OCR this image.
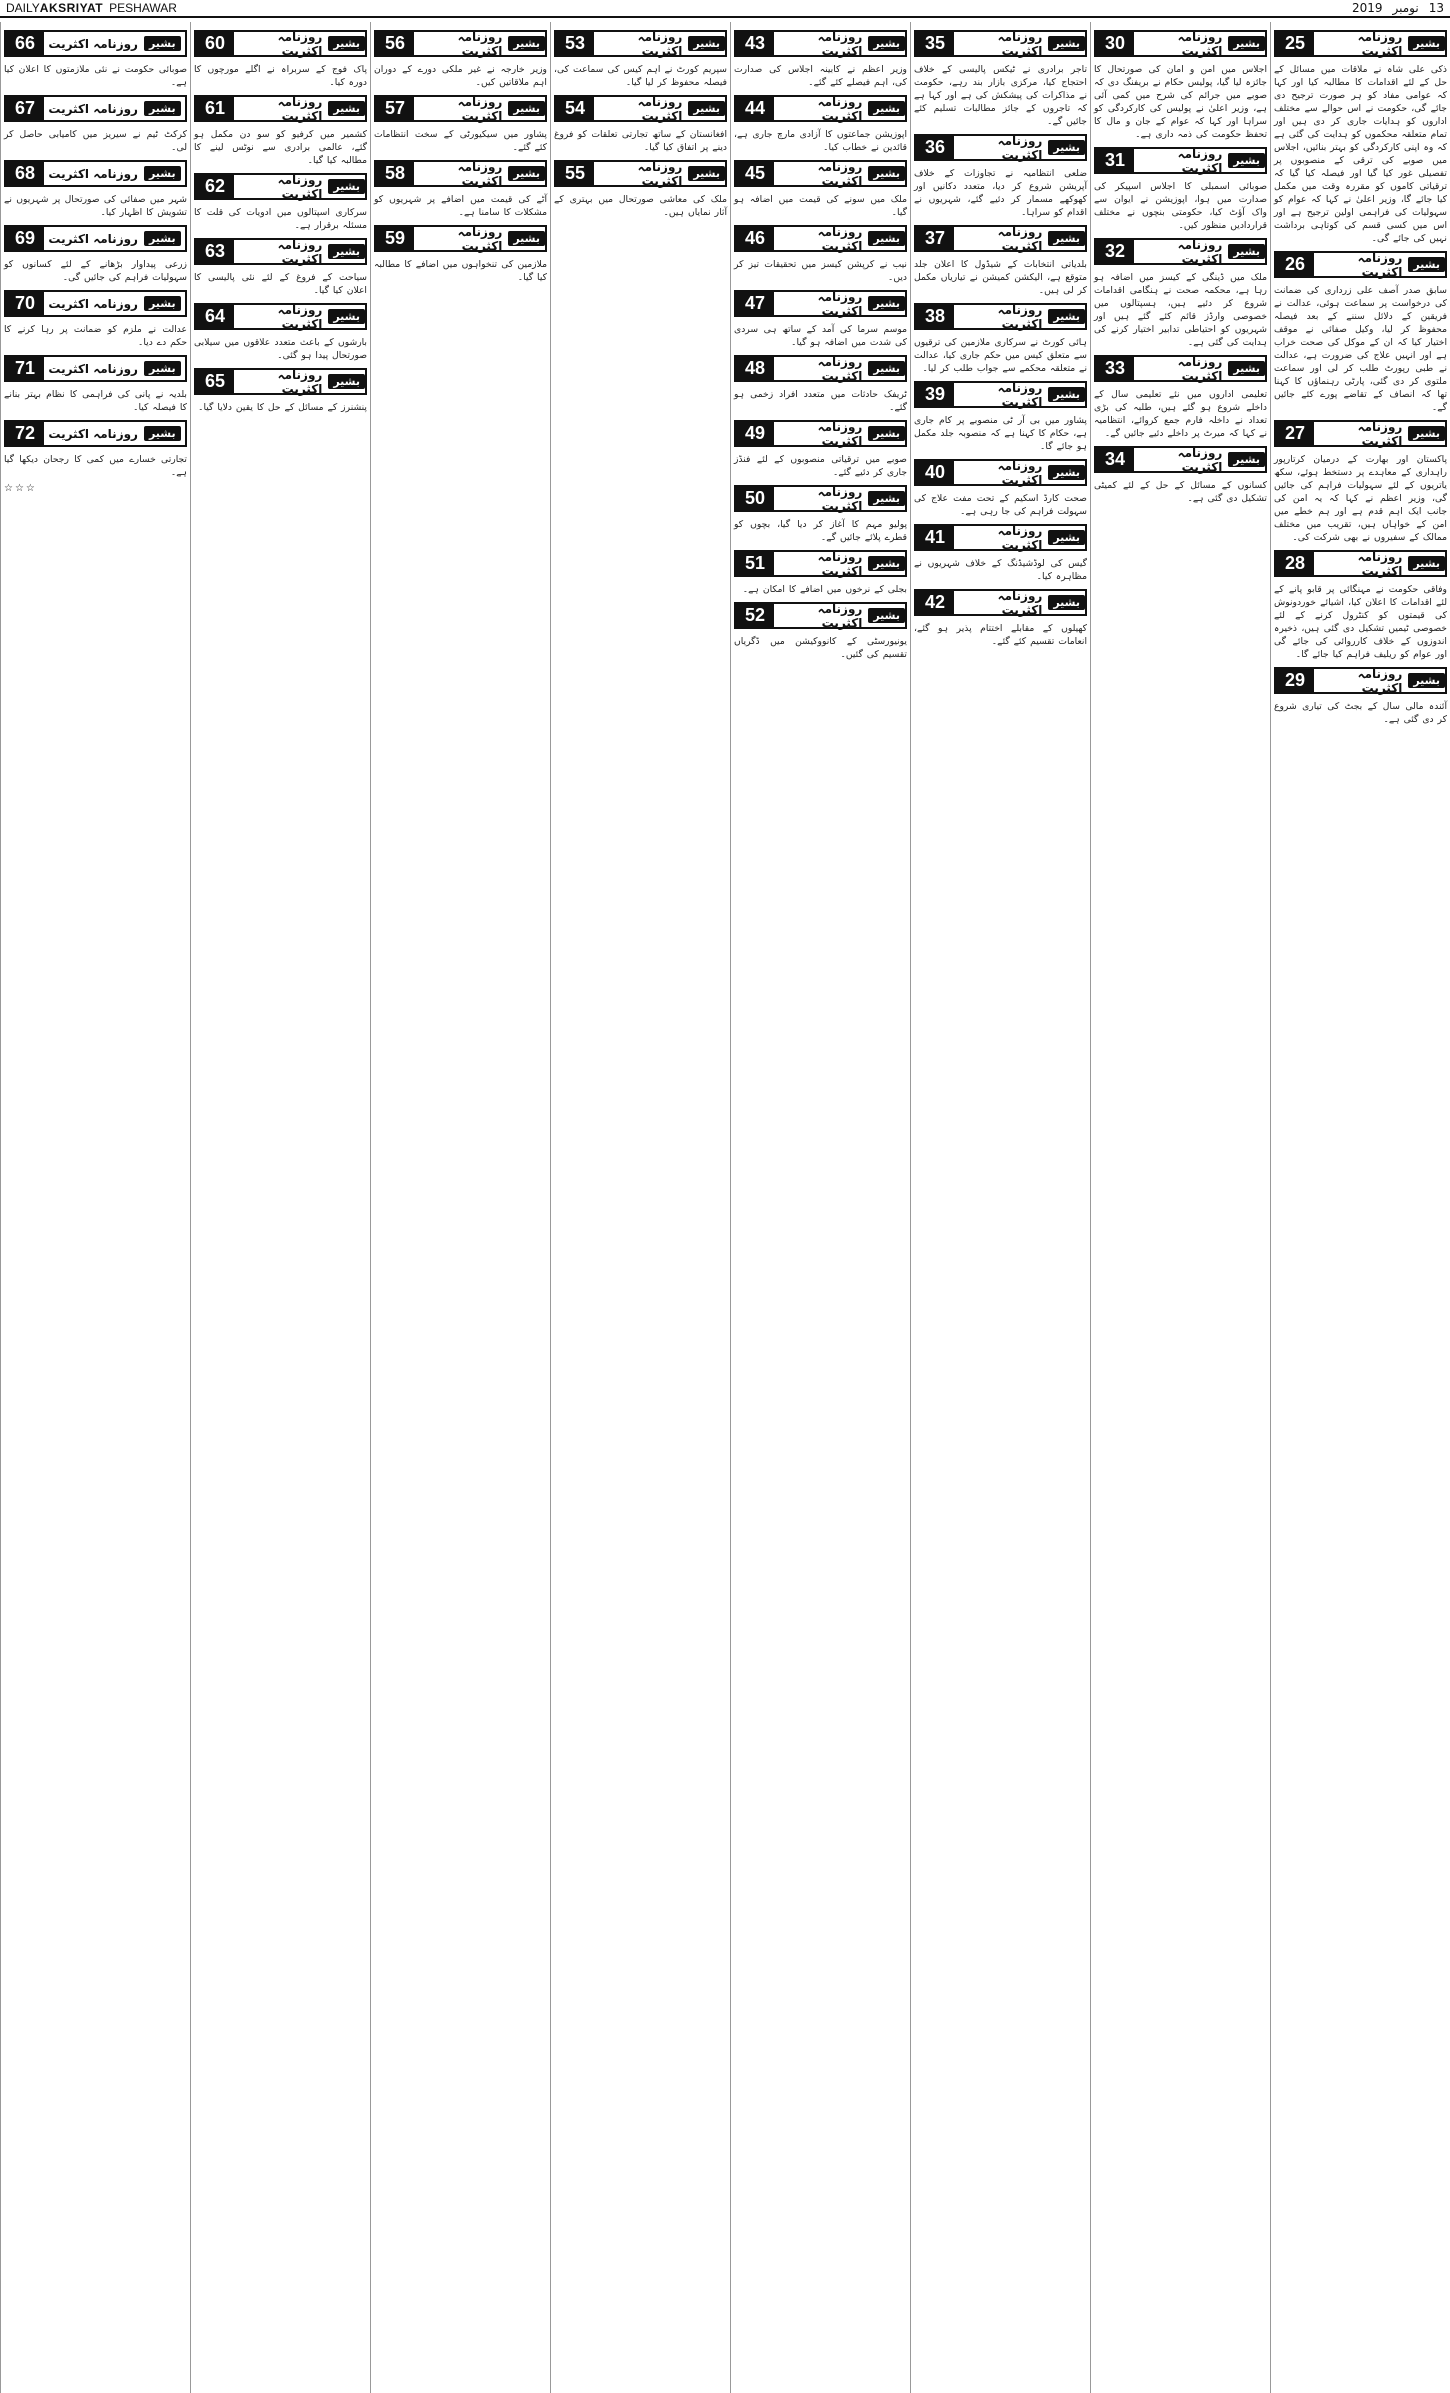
DAILY AKSRIYAT PESHAWAR	13
نومبر
2019
25	بشیر
روزنامہ اکثریت
ذکی علی شاہ نے ملاقات میں مسائل کے حل کے لئے اقدامات کا مطالبہ کیا اور کہا کہ عوامی مفاد کو ہر صورت ترجیح دی جائے گی، حکومت نے اس حوالے سے مختلف اداروں کو ہدایات جاری کر دی ہیں اور تمام متعلقہ محکموں کو ہدایت کی گئی ہے کہ وہ اپنی کارکردگی کو بہتر بنائیں، اجلاس میں صوبے کی ترقی کے منصوبوں پر تفصیلی غور کیا گیا اور فیصلہ کیا گیا کہ ترقیاتی کاموں کو مقررہ وقت میں مکمل کیا جائے گا، وزیر اعلیٰ نے کہا کہ عوام کو سہولیات کی فراہمی اولین ترجیح ہے اور اس میں کسی قسم کی کوتاہی برداشت نہیں کی جائے گی۔
26	بشیر
روزنامہ اکثریت
سابق صدر آصف علی زرداری کی ضمانت کی درخواست پر سماعت ہوئی، عدالت نے فریقین کے دلائل سننے کے بعد فیصلہ محفوظ کر لیا، وکیل صفائی نے موقف اختیار کیا کہ ان کے موکل کی صحت خراب ہے اور انہیں علاج کی ضرورت ہے، عدالت نے طبی رپورٹ طلب کر لی اور سماعت ملتوی کر دی گئی، پارٹی رہنماؤں کا کہنا تھا کہ انصاف کے تقاضے پورے کئے جائیں گے۔
27	بشیر
روزنامہ اکثریت
پاکستان اور بھارت کے درمیان کرتارپور راہداری کے معاہدے پر دستخط ہوئے، سکھ یاتریوں کے لئے سہولیات فراہم کی جائیں گی، وزیر اعظم نے کہا کہ یہ امن کی جانب ایک اہم قدم ہے اور ہم خطے میں امن کے خواہاں ہیں، تقریب میں مختلف ممالک کے سفیروں نے بھی شرکت کی۔
28	بشیر
روزنامہ اکثریت
وفاقی حکومت نے مہنگائی پر قابو پانے کے لئے اقدامات کا اعلان کیا، اشیائے خوردونوش کی قیمتوں کو کنٹرول کرنے کے لئے خصوصی ٹیمیں تشکیل دی گئی ہیں، ذخیرہ اندوزوں کے خلاف کارروائی کی جائے گی اور عوام کو ریلیف فراہم کیا جائے گا۔
29	بشیر
روزنامہ اکثریت
آئندہ مالی سال کے بجٹ کی تیاری شروع کر دی گئی ہے۔
30	بشیر
روزنامہ اکثریت
اجلاس میں امن و امان کی صورتحال کا جائزہ لیا گیا، پولیس حکام نے بریفنگ دی کہ صوبے میں جرائم کی شرح میں کمی آئی ہے، وزیر اعلیٰ نے پولیس کی کارکردگی کو سراہا اور کہا کہ عوام کے جان و مال کا تحفظ حکومت کی ذمہ داری ہے۔
31	بشیر
روزنامہ اکثریت
صوبائی اسمبلی کا اجلاس اسپیکر کی صدارت میں ہوا، اپوزیشن نے ایوان سے واک آؤٹ کیا، حکومتی بنچوں نے مختلف قراردادیں منظور کیں۔
32	بشیر
روزنامہ اکثریت
ملک میں ڈینگی کے کیسز میں اضافہ ہو رہا ہے، محکمہ صحت نے ہنگامی اقدامات شروع کر دئیے ہیں، ہسپتالوں میں خصوصی وارڈز قائم کئے گئے ہیں اور شہریوں کو احتیاطی تدابیر اختیار کرنے کی ہدایت کی گئی ہے۔
33	بشیر
روزنامہ اکثریت
تعلیمی اداروں میں نئے تعلیمی سال کے داخلے شروع ہو گئے ہیں، طلبہ کی بڑی تعداد نے داخلہ فارم جمع کروائے، انتظامیہ نے کہا کہ میرٹ پر داخلے دئیے جائیں گے۔
34	بشیر
روزنامہ اکثریت
کسانوں کے مسائل کے حل کے لئے کمیٹی تشکیل دی گئی ہے۔
35	بشیر
روزنامہ اکثریت
تاجر برادری نے ٹیکس پالیسی کے خلاف احتجاج کیا، مرکزی بازار بند رہے، حکومت نے مذاکرات کی پیشکش کی ہے اور کہا ہے کہ تاجروں کے جائز مطالبات تسلیم کئے جائیں گے۔
36	بشیر
روزنامہ اکثریت
ضلعی انتظامیہ نے تجاوزات کے خلاف آپریشن شروع کر دیا، متعدد دکانیں اور کھوکھے مسمار کر دئیے گئے، شہریوں نے اقدام کو سراہا۔
37	بشیر
روزنامہ اکثریت
بلدیاتی انتخابات کے شیڈول کا اعلان جلد متوقع ہے، الیکشن کمیشن نے تیاریاں مکمل کر لی ہیں۔
38	بشیر
روزنامہ اکثریت
ہائی کورٹ نے سرکاری ملازمین کی ترقیوں سے متعلق کیس میں حکم جاری کیا، عدالت نے متعلقہ محکمے سے جواب طلب کر لیا۔
39	بشیر
روزنامہ اکثریت
پشاور میں بی آر ٹی منصوبے پر کام جاری ہے، حکام کا کہنا ہے کہ منصوبہ جلد مکمل ہو جائے گا۔
40	بشیر
روزنامہ اکثریت
صحت کارڈ اسکیم کے تحت مفت علاج کی سہولت فراہم کی جا رہی ہے۔
41	بشیر
روزنامہ اکثریت
گیس کی لوڈشیڈنگ کے خلاف شہریوں نے مظاہرہ کیا۔
42	بشیر
روزنامہ اکثریت
کھیلوں کے مقابلے اختتام پذیر ہو گئے، انعامات تقسیم کئے گئے۔
43	بشیر
روزنامہ اکثریت
وزیر اعظم نے کابینہ اجلاس کی صدارت کی، اہم فیصلے کئے گئے۔
44	بشیر
روزنامہ اکثریت
اپوزیشن جماعتوں کا آزادی مارچ جاری ہے، قائدین نے خطاب کیا۔
45	بشیر
روزنامہ اکثریت
ملک میں سونے کی قیمت میں اضافہ ہو گیا۔
46	بشیر
روزنامہ اکثریت
نیب نے کرپشن کیسز میں تحقیقات تیز کر دیں۔
47	بشیر
روزنامہ اکثریت
موسم سرما کی آمد کے ساتھ ہی سردی کی شدت میں اضافہ ہو گیا۔
48	بشیر
روزنامہ اکثریت
ٹریفک حادثات میں متعدد افراد زخمی ہو گئے۔
49	بشیر
روزنامہ اکثریت
صوبے میں ترقیاتی منصوبوں کے لئے فنڈز جاری کر دئیے گئے۔
50	بشیر
روزنامہ اکثریت
پولیو مہم کا آغاز کر دیا گیا، بچوں کو قطرے پلائے جائیں گے۔
51	بشیر
روزنامہ اکثریت
بجلی کے نرخوں میں اضافے کا امکان ہے۔
52	بشیر
روزنامہ اکثریت
یونیورسٹی کے کانووکیشن میں ڈگریاں تقسیم کی گئیں۔
53	بشیر
روزنامہ اکثریت
سپریم کورٹ نے اہم کیس کی سماعت کی، فیصلہ محفوظ کر لیا گیا۔
54	بشیر
روزنامہ اکثریت
افغانستان کے ساتھ تجارتی تعلقات کو فروغ دینے پر اتفاق کیا گیا۔
55	بشیر
روزنامہ اکثریت
ملک کی معاشی صورتحال میں بہتری کے آثار نمایاں ہیں۔
56	بشیر
روزنامہ اکثریت
وزیر خارجہ نے غیر ملکی دورے کے دوران اہم ملاقاتیں کیں۔
57	بشیر
روزنامہ اکثریت
پشاور میں سیکیورٹی کے سخت انتظامات کئے گئے۔
58	بشیر
روزنامہ اکثریت
آٹے کی قیمت میں اضافے پر شہریوں کو مشکلات کا سامنا ہے۔
59	بشیر
روزنامہ اکثریت
ملازمین کی تنخواہوں میں اضافے کا مطالبہ کیا گیا۔
60	بشیر
روزنامہ اکثریت
پاک فوج کے سربراہ نے اگلے مورچوں کا دورہ کیا۔
61	بشیر
روزنامہ اکثریت
کشمیر میں کرفیو کو سو دن مکمل ہو گئے، عالمی برادری سے نوٹس لینے کا مطالبہ کیا گیا۔
62	بشیر
روزنامہ اکثریت
سرکاری اسپتالوں میں ادویات کی قلت کا مسئلہ برقرار ہے۔
63	بشیر
روزنامہ اکثریت
سیاحت کے فروغ کے لئے نئی پالیسی کا اعلان کیا گیا۔
64	بشیر
روزنامہ اکثریت
بارشوں کے باعث متعدد علاقوں میں سیلابی صورتحال پیدا ہو گئی۔
65	بشیر
روزنامہ اکثریت
پنشنرز کے مسائل کے حل کا یقین دلایا گیا۔
66	بشیر
روزنامہ اکثریت
صوبائی حکومت نے نئی ملازمتوں کا اعلان کیا ہے۔
67	بشیر
روزنامہ اکثریت
کرکٹ ٹیم نے سیریز میں کامیابی حاصل کر لی۔
68	بشیر
روزنامہ اکثریت
شہر میں صفائی کی صورتحال پر شہریوں نے تشویش کا اظہار کیا۔
69	بشیر
روزنامہ اکثریت
زرعی پیداوار بڑھانے کے لئے کسانوں کو سہولیات فراہم کی جائیں گی۔
70	بشیر
روزنامہ اکثریت
عدالت نے ملزم کو ضمانت پر رہا کرنے کا حکم دے دیا۔
71	بشیر
روزنامہ اکثریت
بلدیہ نے پانی کی فراہمی کا نظام بہتر بنانے کا فیصلہ کیا۔
72	بشیر
روزنامہ اکثریت
تجارتی خسارے میں کمی کا رجحان دیکھا گیا ہے۔
☆☆☆
